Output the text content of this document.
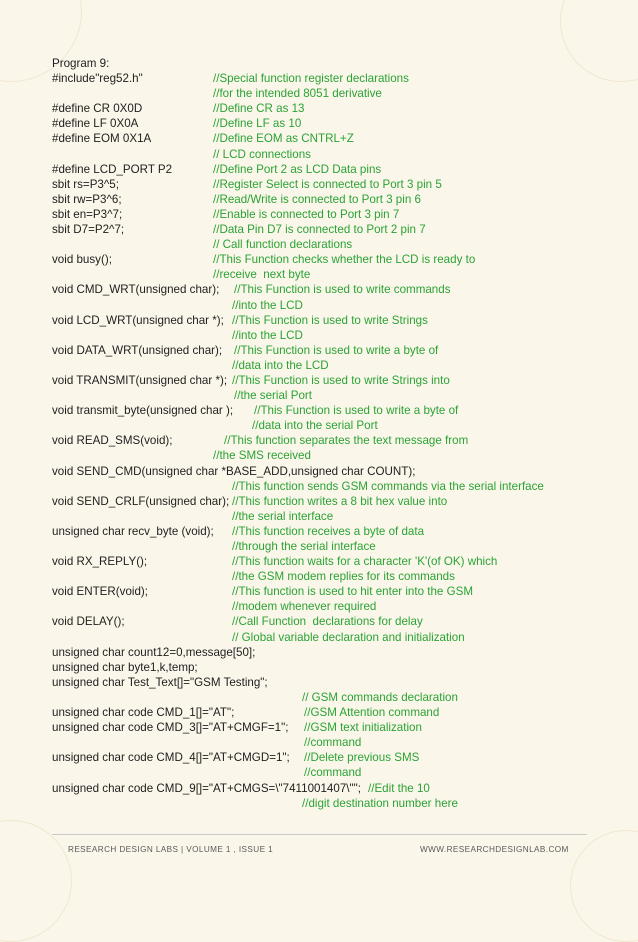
Program 9:
#include"reg52.h"	//Special function register declarations
//for the intended 8051 derivative
#define CR 0X0D	//Define CR as 13
#define LF 0X0A	//Define LF as 10
#define EOM 0X1A	//Define EOM as CNTRL+Z
// LCD connections
#define LCD_PORT P2	//Define Port 2 as LCD Data pins
sbit rs=P3^5;	//Register Select is connected to Port 3 pin 5
sbit rw=P3^6;	//Read/Write is connected to Port 3 pin 6
sbit en=P3^7;	//Enable is connected to Port 3 pin 7
sbit D7=P2^7;	//Data Pin D7 is connected to Port 2 pin 7
// Call function declarations
void busy();	//This Function checks whether the LCD is ready to
//receive  next byte
void CMD_WRT(unsigned char); //This Function is used to write commands
//into the LCD
void LCD_WRT(unsigned char *); //This Function is used to write Strings
//into the LCD
void DATA_WRT(unsigned char); //This Function is used to write a byte of
//data into the LCD
void TRANSMIT(unsigned char *); //This Function is used to write Strings into
//the serial Port
void transmit_byte(unsigned char ); //This Function is used to write a byte of
//data into the serial Port
void READ_SMS(void);	//This function separates the text message from
//the SMS received
void SEND_CMD(unsigned char *BASE_ADD,unsigned char COUNT);
//This function sends GSM commands via the serial interface
void SEND_CRLF(unsigned char); //This function writes a 8 bit hex value into
//the serial interface
unsigned char recv_byte (void); //This function receives a byte of data
//through the serial interface
void RX_REPLY();	//This function waits for a character 'K'(of OK) which
//the GSM modem replies for its commands
void ENTER(void);	//This function is used to hit enter into the GSM
//modem whenever required
void DELAY();	//Call Function  declarations for delay
// Global variable declaration and initialization
unsigned char count12=0,message[50];
unsigned char byte1,k,temp;
unsigned char Test_Text[]="GSM Testing";
// GSM commands declaration
unsigned char code CMD_1[]="AT";	//GSM Attention command
unsigned char code CMD_3[]="AT+CMGF=1"; //GSM text initialization
//command
unsigned char code CMD_4[]="AT+CMGD=1"; //Delete previous SMS
//command
unsigned char code CMD_9[]="AT+CMGS=\"7411001407\""; //Edit the 10
//digit destination number here
RESEARCH DESIGN LABS | VOLUME 1 , ISSUE 1	WWW.RESEARCHDESIGNLAB.COM
